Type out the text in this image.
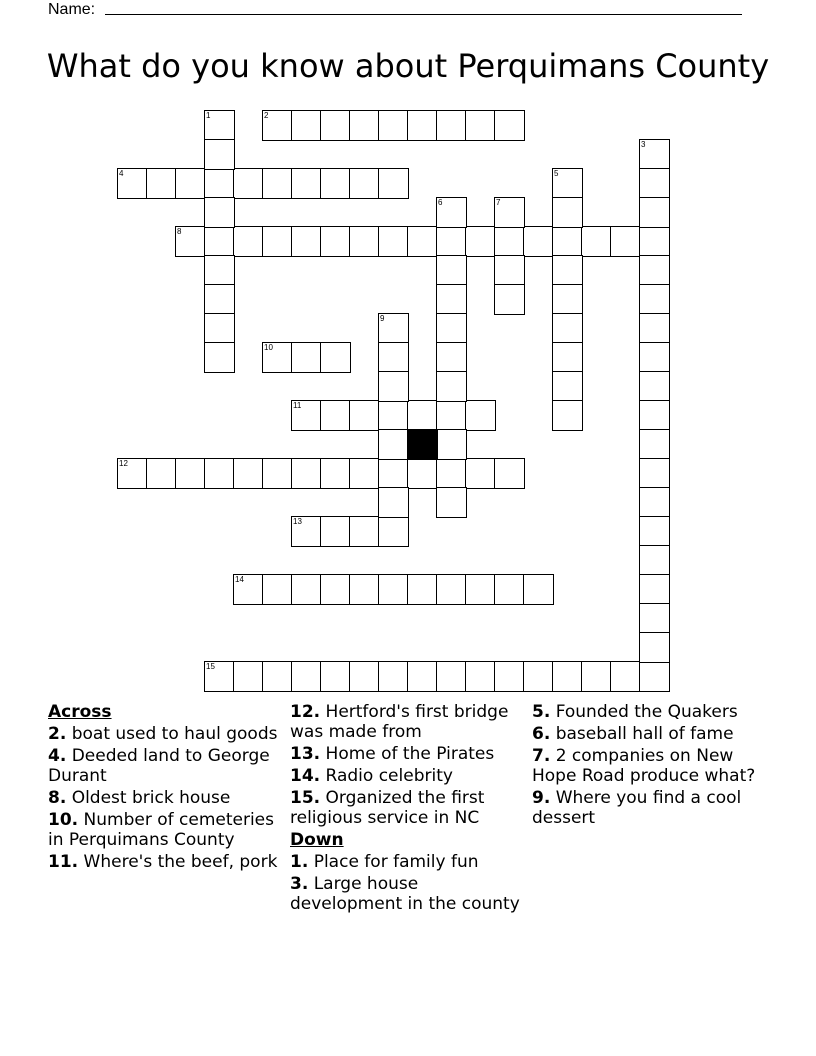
Name:
What do you know about Perquimans County
2
4
8
10
11
12
13
14
15
1
3
5
6	7
9
Across
2. boat used to haul goods
4. Deeded land to George Durant
8. Oldest brick house
10. Number of cemeteries in Perquimans County
11. Where's the beef, pork
12. Hertford's first bridge was made from
13. Home of the Pirates
14. Radio celebrity
15. Organized the first religious service in NC
Down
1. Place for family fun
3. Large house development in the county
5. Founded the Quakers
6. baseball hall of fame
7. 2 companies on New Hope Road produce what?
9. Where you find a cool dessert
